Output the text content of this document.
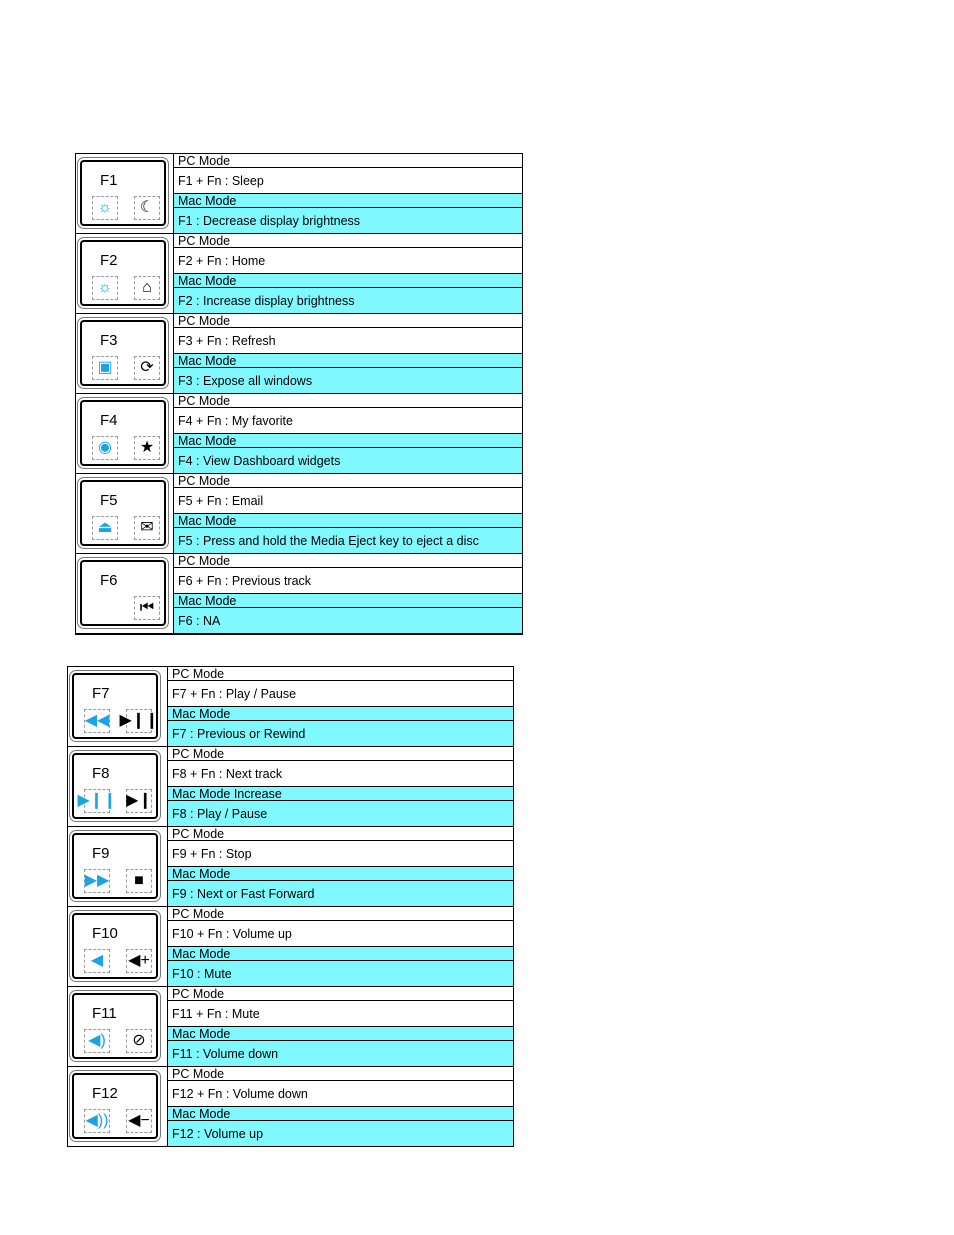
F1
☼	☾
PC Mode
F1 + Fn : Sleep
Mac Mode
F1 : Decrease display brightness
F2
☼	⌂
PC Mode
F2 + Fn : Home
Mac Mode
F2 : Increase display brightness
F3
▣	⟳
PC Mode
F3 + Fn : Refresh
Mac Mode
F3 : Expose all windows
F4
◉	★
PC Mode
F4 + Fn : My favorite
Mac Mode
F4 : View Dashboard widgets
F5
⏏	✉
PC Mode
F5 + Fn : Email
Mac Mode
F5 : Press and hold the Media Eject key to eject a disc
F6
⏮
PC Mode
F6 + Fn : Previous track
Mac Mode
F6 : NA
F7
◀◀ ▶❙❙
PC Mode
F7 + Fn : Play / Pause
Mac Mode
F7 : Previous or Rewind
F8
▶❙❙ ▶❙
PC Mode
F8 + Fn : Next track
Mac Mode Increase
F8 : Play / Pause
F9
▶▶	■
PC Mode
F9 + Fn : Stop
Mac Mode
F9 : Next or Fast Forward
F10
◀	◀+
PC Mode
F10 + Fn : Volume up
Mac Mode
F10 : Mute
F11
◀)	⊘
PC Mode
F11 + Fn : Mute
Mac Mode
F11 : Volume down
F12
◀)) ◀−
PC Mode
F12 + Fn : Volume down
Mac Mode
F12 : Volume up
